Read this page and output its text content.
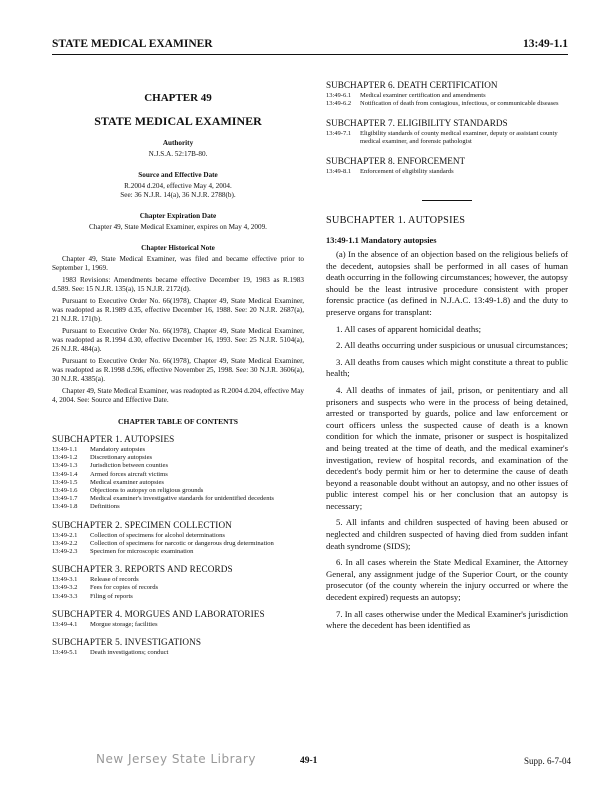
STATE MEDICAL EXAMINER	13:49-1.1
CHAPTER 49
STATE MEDICAL EXAMINER
Authority
N.J.S.A. 52:17B-80.
Source and Effective Date
R.2004 d.204, effective May 4, 2004.
See: 36 N.J.R. 14(a), 36 N.J.R. 2788(b).
Chapter Expiration Date
Chapter 49, State Medical Examiner, expires on May 4, 2009.
Chapter Historical Note

Chapter 49, State Medical Examiner, was filed and became effective prior to September 1, 1969.

1983 Revisions: Amendments became effective December 19, 1983 as R.1983 d.589. See: 15 N.J.R. 135(a), 15 N.J.R. 2172(d).

Pursuant to Executive Order No. 66(1978), Chapter 49, State Medical Examiner, was readopted as R.1989 d.35, effective December 16, 1988. See: 20 N.J.R. 2687(a), 21 N.J.R. 171(b).

Pursuant to Executive Order No. 66(1978), Chapter 49, State Medical Examiner, was readopted as R.1994 d.30, effective December 16, 1993. See: 25 N.J.R. 5104(a), 26 N.J.R. 484(a).

Pursuant to Executive Order No. 66(1978), Chapter 49, State Medical Examiner, was readopted as R.1998 d.596, effective November 25, 1998. See: 30 N.J.R. 3606(a), 30 N.J.R. 4385(a).

Chapter 49, State Medical Examiner, was readopted as R.2004 d.204, effective May 4, 2004. See: Source and Effective Date.

CHAPTER TABLE OF CONTENTS
SUBCHAPTER 1. AUTOPSIES
13:49-1.1	Mandatory autopsies
13:49-1.2	Discretionary autopsies
13:49-1.3	Jurisdiction between counties
13:49-1.4	Armed forces aircraft victims
13:49-1.5	Medical examiner autopsies
13:49-1.6	Objections to autopsy on religious grounds
13:49-1.7	Medical examiner's investigative standards for unidentified decedents
13:49-1.8	Definitions
SUBCHAPTER 2. SPECIMEN COLLECTION
13:49-2.1	Collection of specimens for alcohol determinations
13:49-2.2	Collection of specimens for narcotic or dangerous drug determination
13:49-2.3	Specimen for microscopic examination
SUBCHAPTER 3. REPORTS AND RECORDS
13:49-3.1	Release of records
13:49-3.2	Fees for copies of records
13:49-3.3	Filing of reports
SUBCHAPTER 4. MORGUES AND LABORATORIES
13:49-4.1	Morgue storage; facilities
SUBCHAPTER 5. INVESTIGATIONS
13:49-5.1	Death investigations; conduct
SUBCHAPTER 6. DEATH CERTIFICATION
13:49-6.1	Medical examiner certification and amendments
13:49-6.2	Notification of death from contagious, infectious, or communicable diseases
SUBCHAPTER 7. ELIGIBILITY STANDARDS
13:49-7.1	Eligibility standards of county medical examiner, deputy or assistant county medical examiner, and forensic pathologist
SUBCHAPTER 8. ENFORCEMENT
13:49-8.1	Enforcement of eligibility standards
SUBCHAPTER 1. AUTOPSIES
13:49-1.1 Mandatory autopsies

(a) In the absence of an objection based on the religious beliefs of the decedent, autopsies shall be performed in all cases of human death occurring in the following circumstances; however, the autopsy should be the least intrusive procedure consistent with proper forensic practice (as defined in N.J.A.C. 13:49-1.8) and the duty to preserve organs for transplant:

1. All cases of apparent homicidal deaths;

2. All deaths occurring under suspicious or unusual circumstances;

3. All deaths from causes which might constitute a threat to public health;

4. All deaths of inmates of jail, prison, or penitentiary and all prisoners and suspects who were in the process of being detained, arrested or transported by guards, police and law enforcement or court officers unless the suspected cause of death is a known condition for which the inmate, prisoner or suspect is hospitalized and being treated at the time of death, and the medical examiner's investigation, review of hospital records, and examination of the decedent's body permit him or her to determine the cause of death beyond a reasonable doubt without an autopsy, and no other issues of public interest compel his or her conclusion that an autopsy is necessary;

5. All infants and children suspected of having been abused or neglected and children suspected of having died from sudden infant death syndrome (SIDS);

6. In all cases wherein the State Medical Examiner, the Attorney General, any assignment judge of the Superior Court, or the county prosecutor (of the county wherein the injury occurred or where the decedent expired) requests an autopsy;

7. In all cases otherwise under the Medical Examiner's jurisdiction where the decedent has been identified as

New Jersey State Library	49-1	Supp. 6-7-04
